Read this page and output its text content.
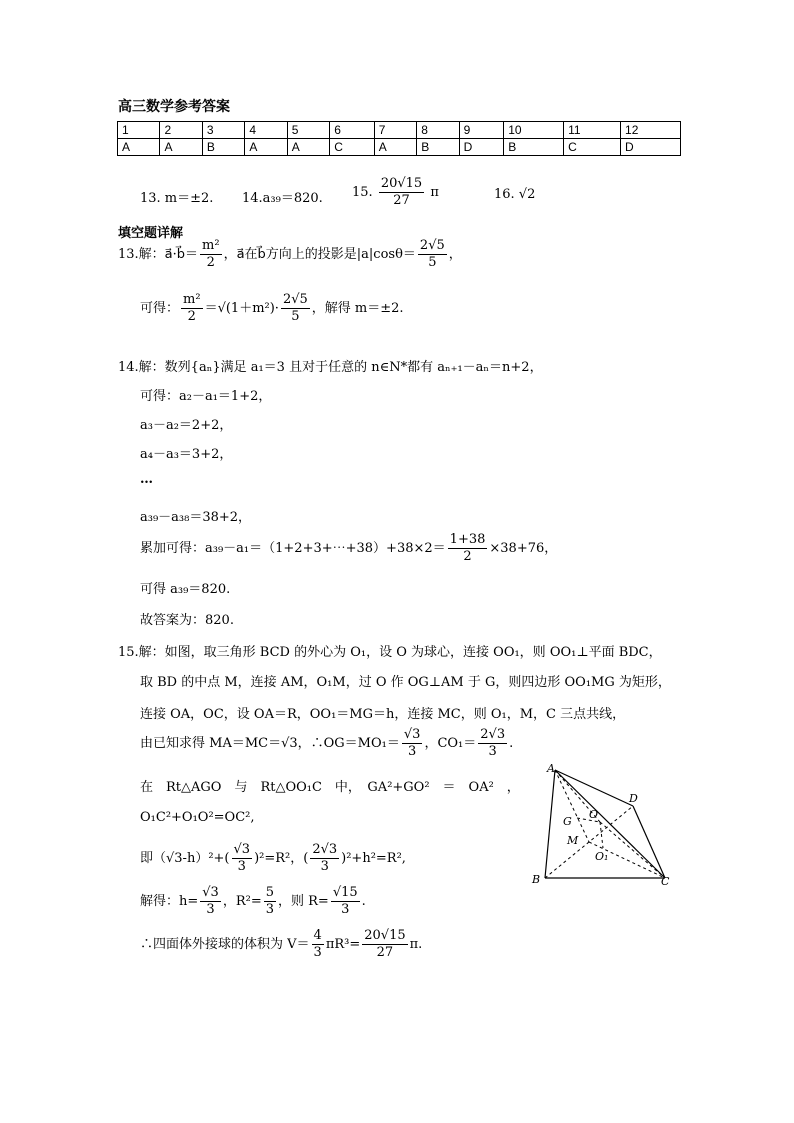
高三数学参考答案
1	2	3	4	5	6	7	8	9	10	11	12
A	A	B	A	A	C	A	B	D	B	C	D
13. m＝±2. 14.a₃₉＝820. 15. $\frac{20√15}{27}$ π	16. √2
填空题详解
13.解：a⃗·b⃗＝ $\frac{\text{m²}}{2}$ ，a⃗在b⃗方向上的投影是$|a|\cos\theta= \frac{2√5}{5}$ ，
可得： $\frac{\text{m²}}{2} =√(1+m^2)\cdot \frac{2√5}{5}$ ，解得 m＝±2.
14.解：数列{aₙ}满足 a₁＝3 且对于任意的 n∈N*都有 aₙ₊₁－aₙ＝n+2，
可得：a₂－a₁＝1+2，
a₃－a₂＝2+2，
a₄－a₃＝3+2，
…
a₃₉－a₃₈＝38+2，
累加可得：a₃₉－a₁＝（1+2+3+⋯+38）+38×2＝ $\frac{1+38}{2} \times 38+76$，
可得 a₃₉＝820.
故答案为：820.
15.解：如图，取三角形 BCD 的外心为 O₁，设 O 为球心，连接 OO₁，则 OO₁⊥平面 BDC，
取 BD 的中点 M，连接 AM，O₁M，过 O 作 OG⊥AM 于 G，则四边形 OO₁MG 为矩形，
连接 OA，OC，设 OA＝R，OO₁＝MG＝h，连接 MC，则 O₁，M，C 三点共线，
由已知求得 MA＝MC＝√3，∴OG＝MO₁＝ $\frac{√3}{3}$ ，$CO_1= \frac{2√3}{3}$ .
在　Rt△AGO　与　Rt△OO₁C　中，　GA²+GO²　＝　OA²　，
O₁C²+O₁O²=OC²,
即$(√3-h)^2+( \frac{√3}{3} )^2=R^2$，( $\frac{2√3}{3} )^2+h^2=R^2$,
解得：$h= \frac{√3}{3}$ ，$R^2= \frac{5}{3}$ ，则 $R= \frac{√15}{3}$ .
∴四面体外接球的体积为 $V= \frac{4}{3} \pi R^3= \frac{20√15}{27} \pi$.
A
B	C
D
G
O
M
O₁
